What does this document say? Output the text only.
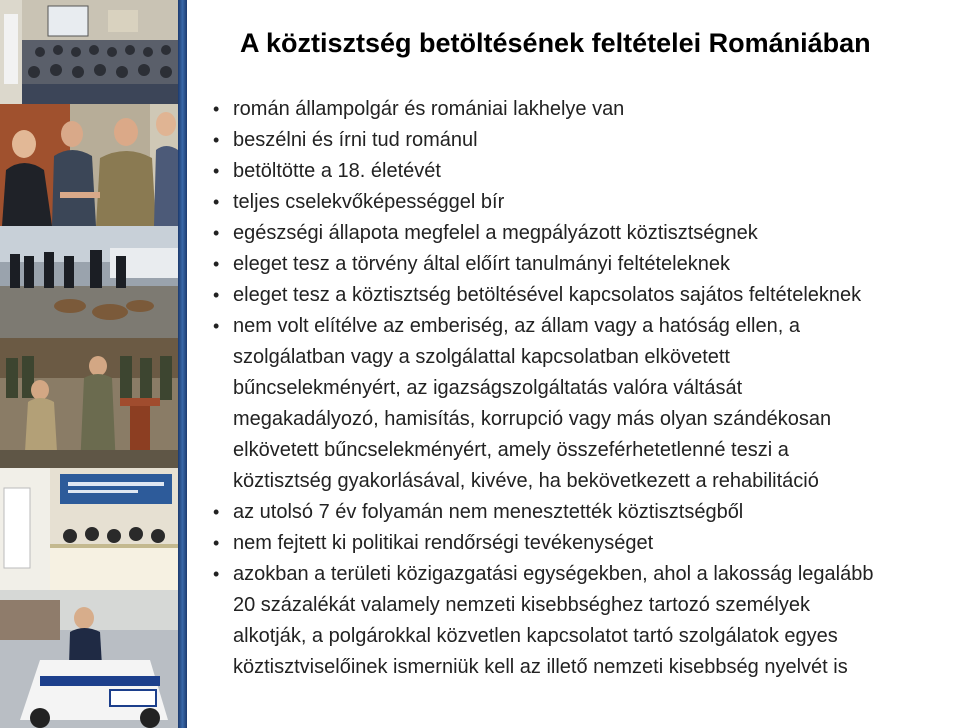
A köztisztség betöltésének feltételei Romániában
• román állampolgár és romániai lakhelye van
• beszélni és írni tud románul
• betöltötte a 18. életévét
• teljes cselekvőképességgel bír
• egészségi állapota megfelel a megpályázott köztisztségnek
• eleget tesz a törvény által előírt tanulmányi feltételeknek
• eleget tesz a köztisztség betöltésével kapcsolatos sajátos feltételeknek
• nem volt elítélve az emberiség, az állam vagy a hatóság ellen, a
szolgálatban vagy a szolgálattal kapcsolatban elkövetett
bűncselekményért, az igazságszolgáltatás valóra váltását
megakadályozó, hamisítás, korrupció vagy más olyan szándékosan
elkövetett bűncselekményért, amely összeférhetetlenné teszi a
köztisztség gyakorlásával, kivéve, ha bekövetkezett a rehabilitáció
• az utolsó 7 év folyamán nem menesztették köztisztségből
• nem fejtett ki politikai rendőrségi tevékenységet
• azokban a területi közigazgatási egységekben, ahol a lakosság legalább
20 százalékát valamely nemzeti kisebbséghez tartozó személyek
alkotják, a polgárokkal közvetlen kapcsolatot tartó szolgálatok egyes
köztisztviselőinek ismerniük kell az illető nemzeti kisebbség nyelvét is
